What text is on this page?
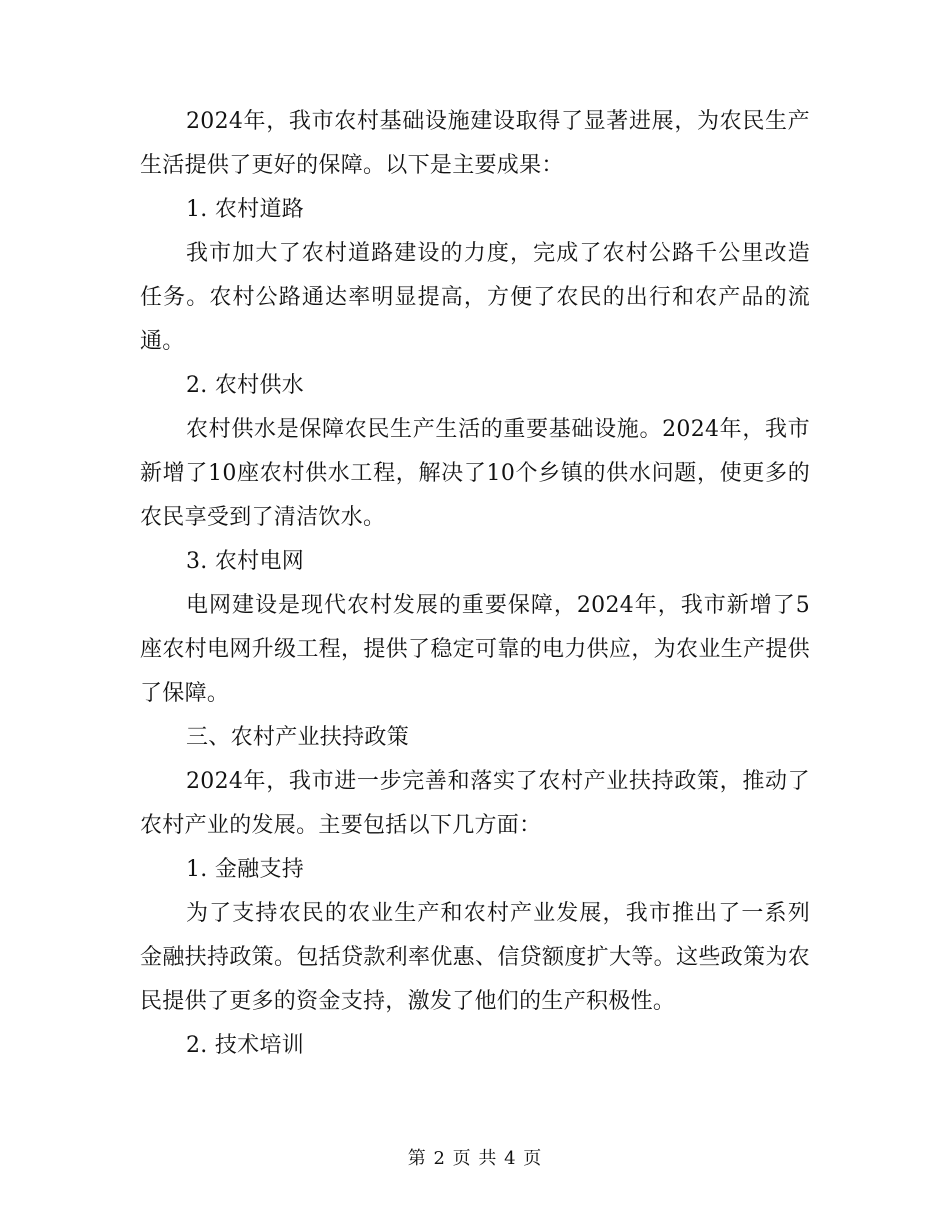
2024年，我市农村基础设施建设取得了显著进展，为农民生产生活提供了更好的保障。以下是主要成果：

1. 农村道路

我市加大了农村道路建设的力度，完成了农村公路千公里改造任务。农村公路通达率明显提高，方便了农民的出行和农产品的流通。

2. 农村供水

农村供水是保障农民生产生活的重要基础设施。2024年，我市新增了10座农村供水工程，解决了10个乡镇的供水问题，使更多的农民享受到了清洁饮水。

3. 农村电网

电网建设是现代农村发展的重要保障，2024年，我市新增了5座农村电网升级工程，提供了稳定可靠的电力供应，为农业生产提供了保障。

三、农村产业扶持政策

2024年，我市进一步完善和落实了农村产业扶持政策，推动了农村产业的发展。主要包括以下几方面：

1. 金融支持

为了支持农民的农业生产和农村产业发展，我市推出了一系列金融扶持政策。包括贷款利率优惠、信贷额度扩大等。这些政策为农民提供了更多的资金支持，激发了他们的生产积极性。

2. 技术培训

第 2 页 共 4 页
